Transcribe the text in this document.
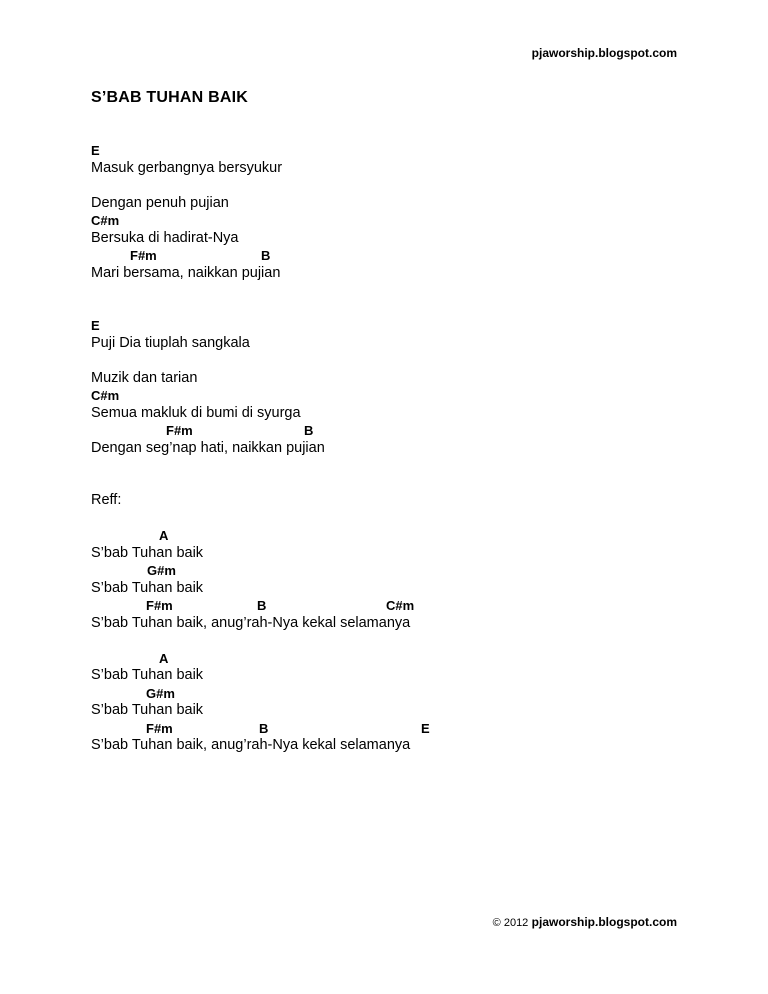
pjaworship.blogspot.com
S’BAB TUHAN BAIK

E

Masuk gerbangnya bersyukur
Dengan penuh pujian

C#m

Bersuka di hadirat-Nya

F#m

	B

Mari bersama, naikkan pujian

E

Puji Dia tiuplah sangkala
Muzik dan tarian

C#m

Semua makluk di bumi di syurga

F#m

	B

Dengan seg’nap hati, naikkan pujian
Reff:

A

S’bab Tuhan baik

G#m

S’bab Tuhan baik

F#m

	B

	C#m

S’bab Tuhan baik, anug’rah-Nya kekal selamanya

A

S’bab Tuhan baik

G#m

S’bab Tuhan baik

F#m

	B

	E

S’bab Tuhan baik, anug’rah-Nya kekal selamanya
© 2012 pjaworship.blogspot.com
